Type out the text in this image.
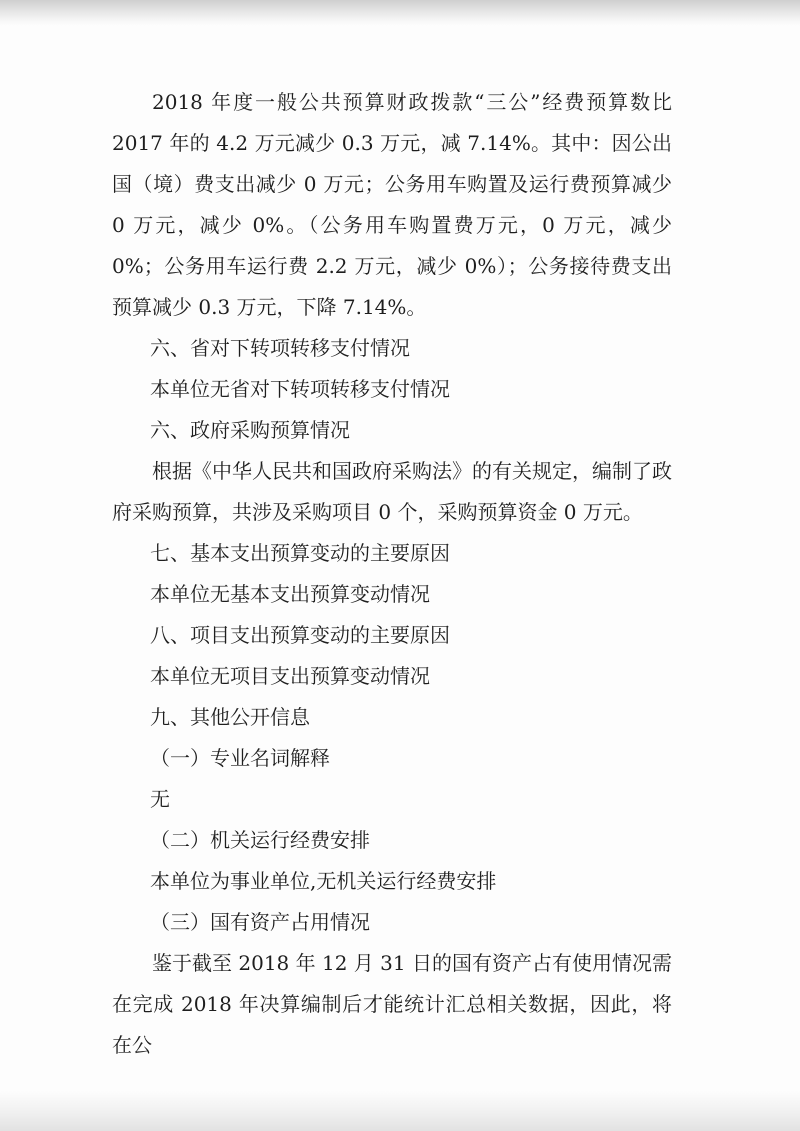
2018 年度一般公共预算财政拨款“三公”经费预算数比 2017 年的 4.2 万元减少 0.3 万元，减 7.14%。其中：因公出国（境）费支出减少 0 万元；公务用车购置及运行费预算减少 0 万元，减少 0%。（公务用车购置费万元，0 万元，减少 0%；公务用车运行费 2.2 万元，减少 0%）；公务接待费支出预算减少 0.3 万元，下降 7.14%。

六、省对下转项转移支付情况

本单位无省对下转项转移支付情况

六、政府采购预算情况

根据《中华人民共和国政府采购法》的有关规定，编制了政府采购预算，共涉及采购项目 0 个，采购预算资金 0 万元。

七、基本支出预算变动的主要原因

本单位无基本支出预算变动情况

八、项目支出预算变动的主要原因

本单位无项目支出预算变动情况

九、其他公开信息

（一）专业名词解释

无

（二）机关运行经费安排

本单位为事业单位,无机关运行经费安排

（三）国有资产占用情况

鉴于截至 2018 年 12 月 31 日的国有资产占有使用情况需在完成 2018 年决算编制后才能统计汇总相关数据，因此，将在公
